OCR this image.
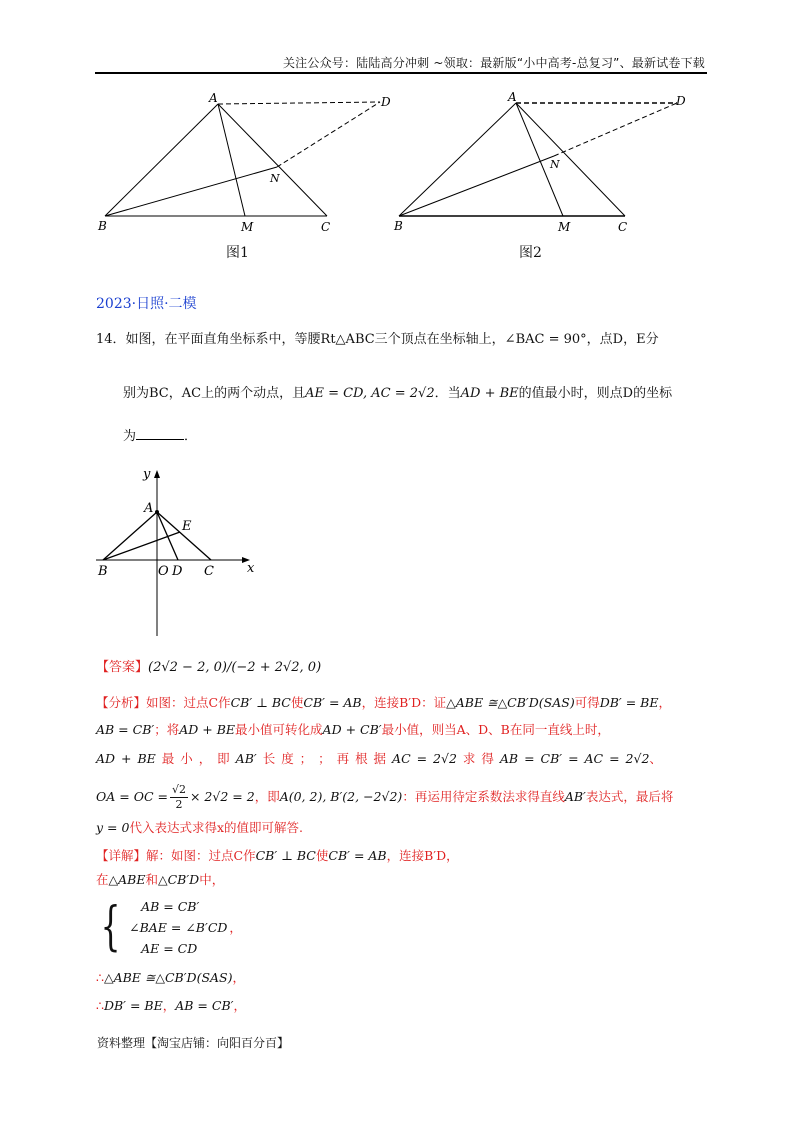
关注公众号：陆陆高分冲刺 ~领取：最新版“小中高考-总复习”、最新试卷下载
A	D
N
B	M	C
图1
A	D
N
B	M	C
图2
2023·日照·二模
14．如图，在平面直角坐标系中，等腰Rt△ABC三个顶点在坐标轴上，∠BAC = 90°，点D，E分
别为BC，AC上的两个动点，且AE = CD, AC = 2√2．当AD + BE的值最小时，则点D的坐标
为	．
y
A
E
B	O D C	x
【答案】(2√2 − 2, 0)/(−2 + 2√2, 0)
【分析】如图：过点C作CB′ ⊥ BC使CB′ = AB，连接B′D：证△ABE ≅△CB′D(SAS)可得DB′ = BE，
AB = CB′；将AD + BE最小值可转化成AD + CB′最小值，则当A、D、B在同一直线上时，
AD + BE 最 小 ， 即 AB′ 长 度 ； ； 再 根 据 AC = 2√2 求 得 AB = CB′ = AC = 2√2、
OA = OC = $\frac{√2}{2} \times 2√2 = 2$ ，即 A(0, 2), B′(2, −2√2) ：再运用待定系数法求得直线 AB′ 表达式，最后将
y = 0代入表达式求得x的值即可解答.
【详解】解：如图：过点C作CB′ ⊥ BC使CB′ = AB，连接B′D，
在△ABE和△CB′D中，
{	AB = CB′
∠BAE = ∠B′CD
AE = CD
，
∴△ABE ≅△CB′D(SAS)，
∴DB′ = BE，AB = CB′，
资料整理【淘宝店铺：向阳百分百】
